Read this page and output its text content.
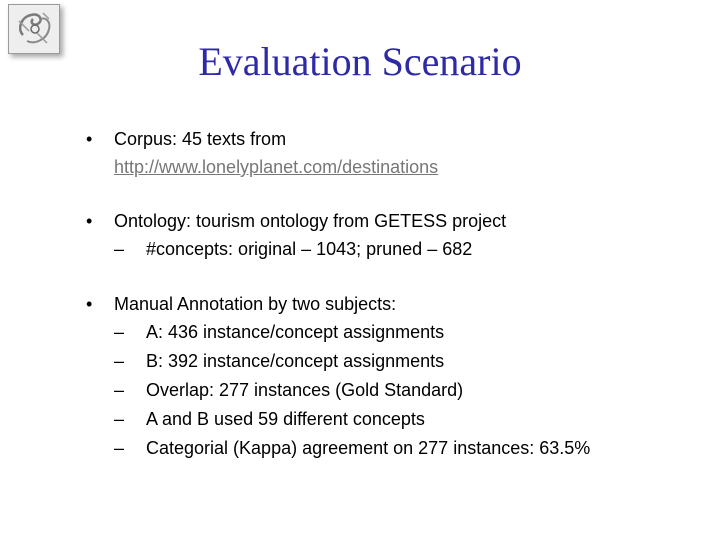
Evaluation Scenario
• Corpus: 45 texts from
http://www.lonelyplanet.com/destinations
• Ontology: tourism ontology from GETESS project
– #concepts: original – 1043; pruned – 682
• Manual Annotation by two subjects:
– A: 436 instance/concept assignments
– B: 392 instance/concept assignments
– Overlap: 277 instances (Gold Standard)
– A and B used 59 different concepts
– Categorial (Kappa) agreement on 277 instances: 63.5%
